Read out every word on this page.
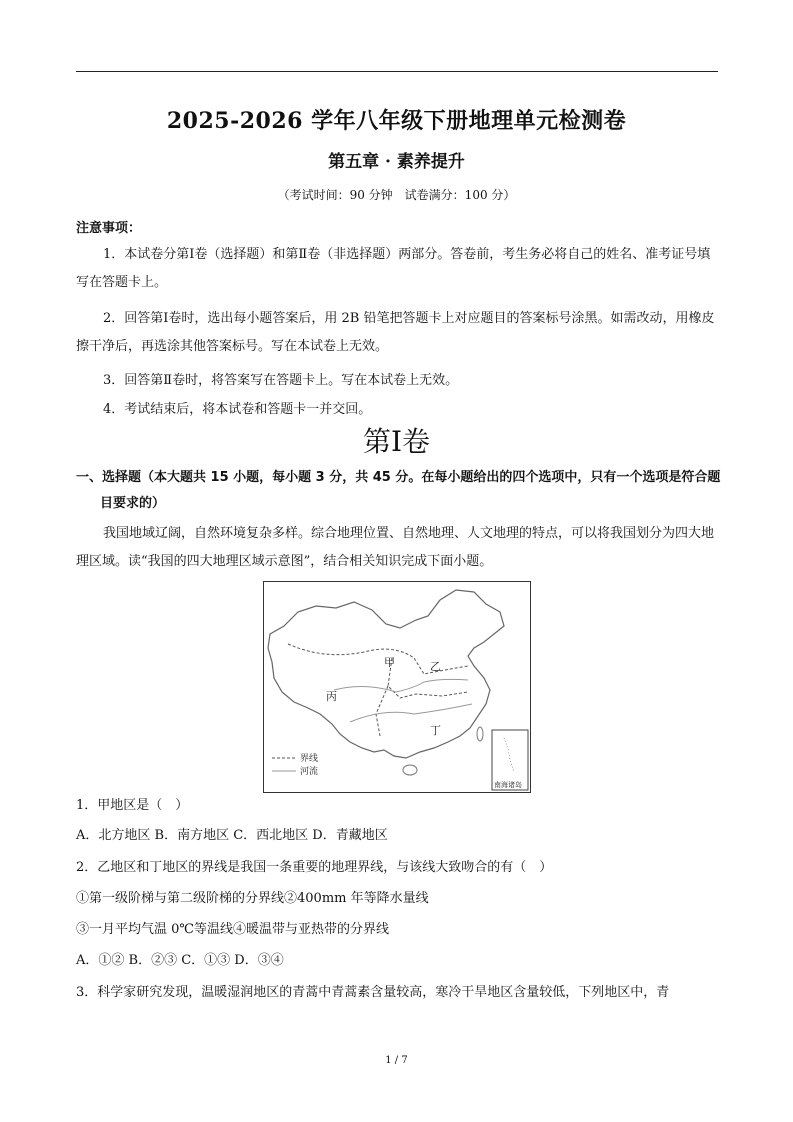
2025-2026 学年八年级下册地理单元检测卷
第五章 · 素养提升
（考试时间：90 分钟　试卷满分：100 分）
注意事项：
1．本试卷分第Ⅰ卷（选择题）和第Ⅱ卷（非选择题）两部分。答卷前，考生务必将自己的姓名、准考证号填写在答题卡上。
2．回答第Ⅰ卷时，选出每小题答案后，用 2B 铅笔把答题卡上对应题目的答案标号涂黑。如需改动，用橡皮擦干净后，再选涂其他答案标号。写在本试卷上无效。
3．回答第Ⅱ卷时，将答案写在答题卡上。写在本试卷上无效。
4．考试结束后，将本试卷和答题卡一并交回。
第Ⅰ卷
一、选择题（本大题共 15 小题，每小题 3 分，共 45 分。在每小题给出的四个选项中，只有一个选项是符合题目要求的）
我国地域辽阔，自然环境复杂多样。综合地理位置、自然地理、人文地理的特点，可以将我国划分为四大地理区域。读“我国的四大地理区域示意图”，结合相关知识完成下面小题。
甲	乙
丙
丁
界线
河流
南海诸岛
1．甲地区是（　）
A．北方地区 B．南方地区 C．西北地区 D．青藏地区
2．乙地区和丁地区的界线是我国一条重要的地理界线，与该线大致吻合的有（　）
①第一级阶梯与第二级阶梯的分界线②400mm 年等降水量线
③一月平均气温 0℃等温线④暖温带与亚热带的分界线
A．①② B．②③ C．①③ D．③④
3．科学家研究发现，温暖湿润地区的青蒿中青蒿素含量较高，寒冷干旱地区含量较低，下列地区中，青
1 / 7
